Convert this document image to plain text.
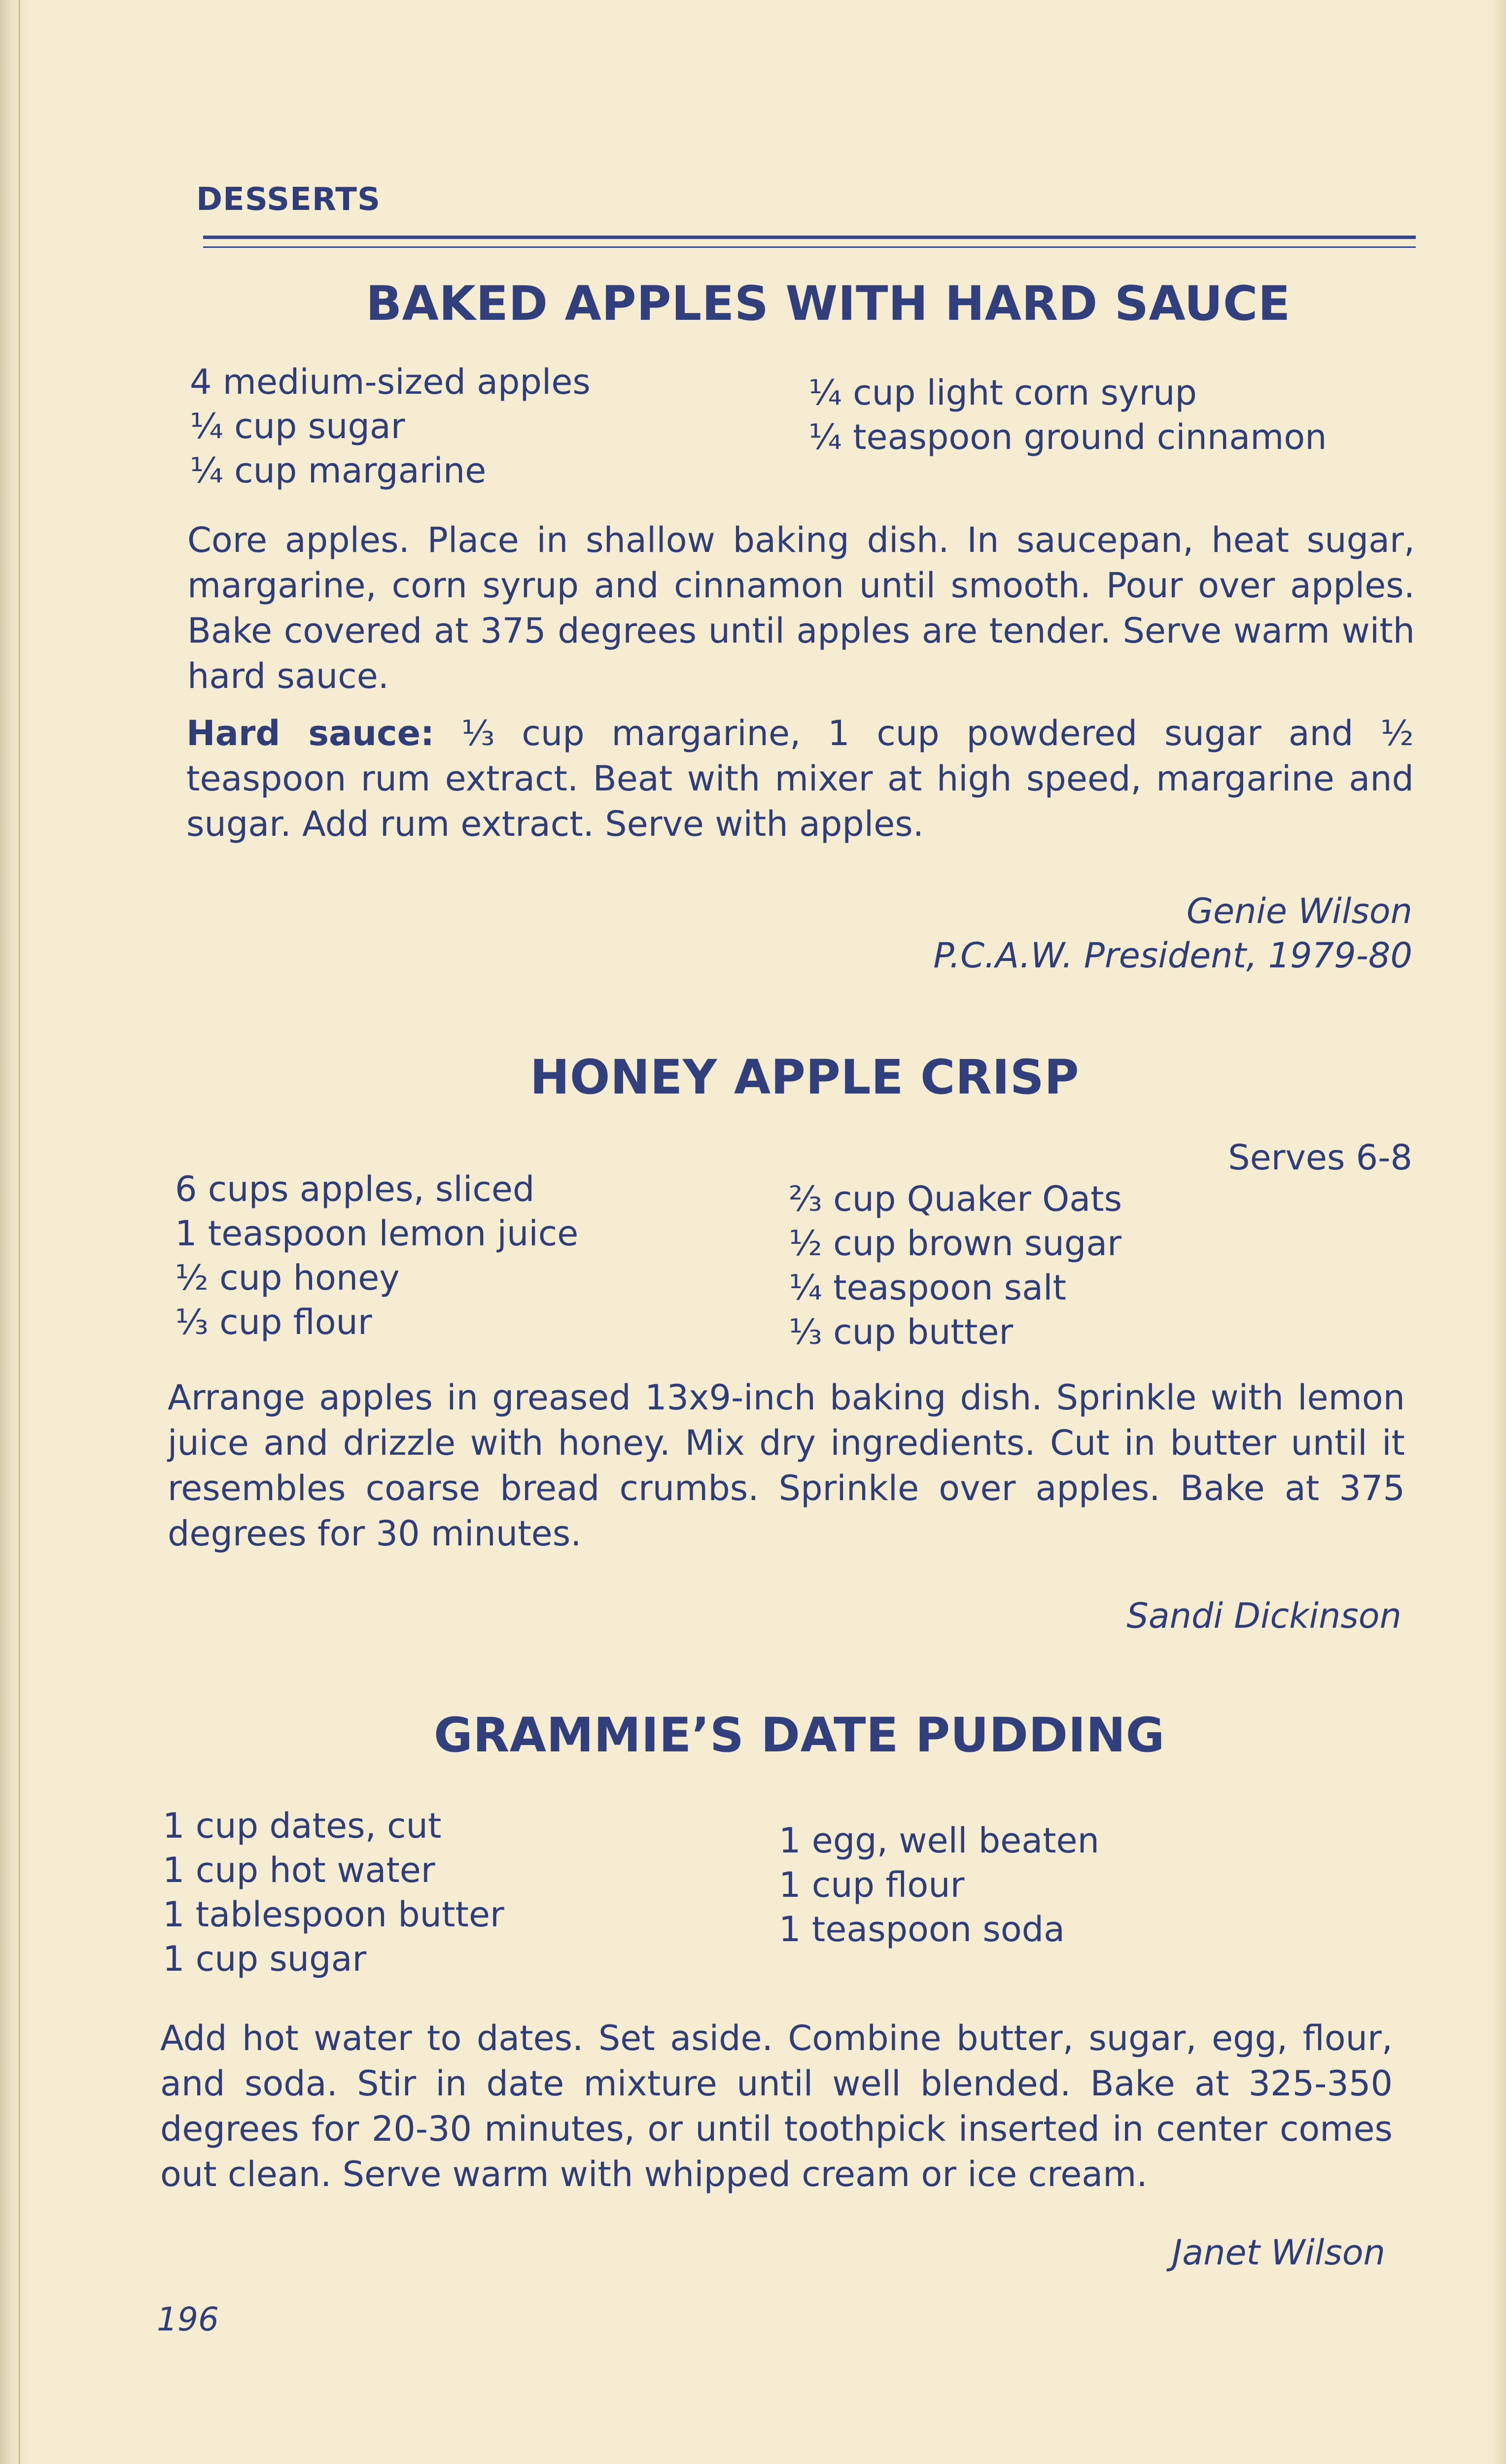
DESSERTS
BAKED APPLES WITH HARD SAUCE
4 medium-sized apples
¼ cup sugar
¼ cup margarine
¼ cup light corn syrup
¼ teaspoon ground cinnamon
Core apples. Place in shallow baking dish. In saucepan, heat sugar, margarine, corn syrup and cinnamon until smooth. Pour over apples. Bake covered at 375 degrees until apples are tender. Serve warm with hard sauce.
Hard sauce: ⅓ cup margarine, 1 cup powdered sugar and ½ teaspoon rum extract. Beat with mixer at high speed, margarine and sugar. Add rum extract. Serve with apples.
Genie Wilson
P.C.A.W. President, 1979-80
HONEY APPLE CRISP
Serves 6-8
6 cups apples, sliced
1 teaspoon lemon juice
½ cup honey
⅓ cup flour
⅔ cup Quaker Oats
½ cup brown sugar
¼ teaspoon salt
⅓ cup butter
Arrange apples in greased 13x9-inch baking dish. Sprinkle with lemon juice and drizzle with honey. Mix dry ingredients. Cut in butter until it resembles coarse bread crumbs. Sprinkle over apples. Bake at 375 degrees for 30 minutes.
Sandi Dickinson
GRAMMIE’S DATE PUDDING
1 cup dates, cut
1 cup hot water
1 tablespoon butter
1 cup sugar
1 egg, well beaten
1 cup flour
1 teaspoon soda
Add hot water to dates. Set aside. Combine butter, sugar, egg, flour, and soda. Stir in date mixture until well blended. Bake at 325-350 degrees for 20-30 minutes, or until toothpick inserted in center comes out clean. Serve warm with whipped cream or ice cream.
Janet Wilson
196
